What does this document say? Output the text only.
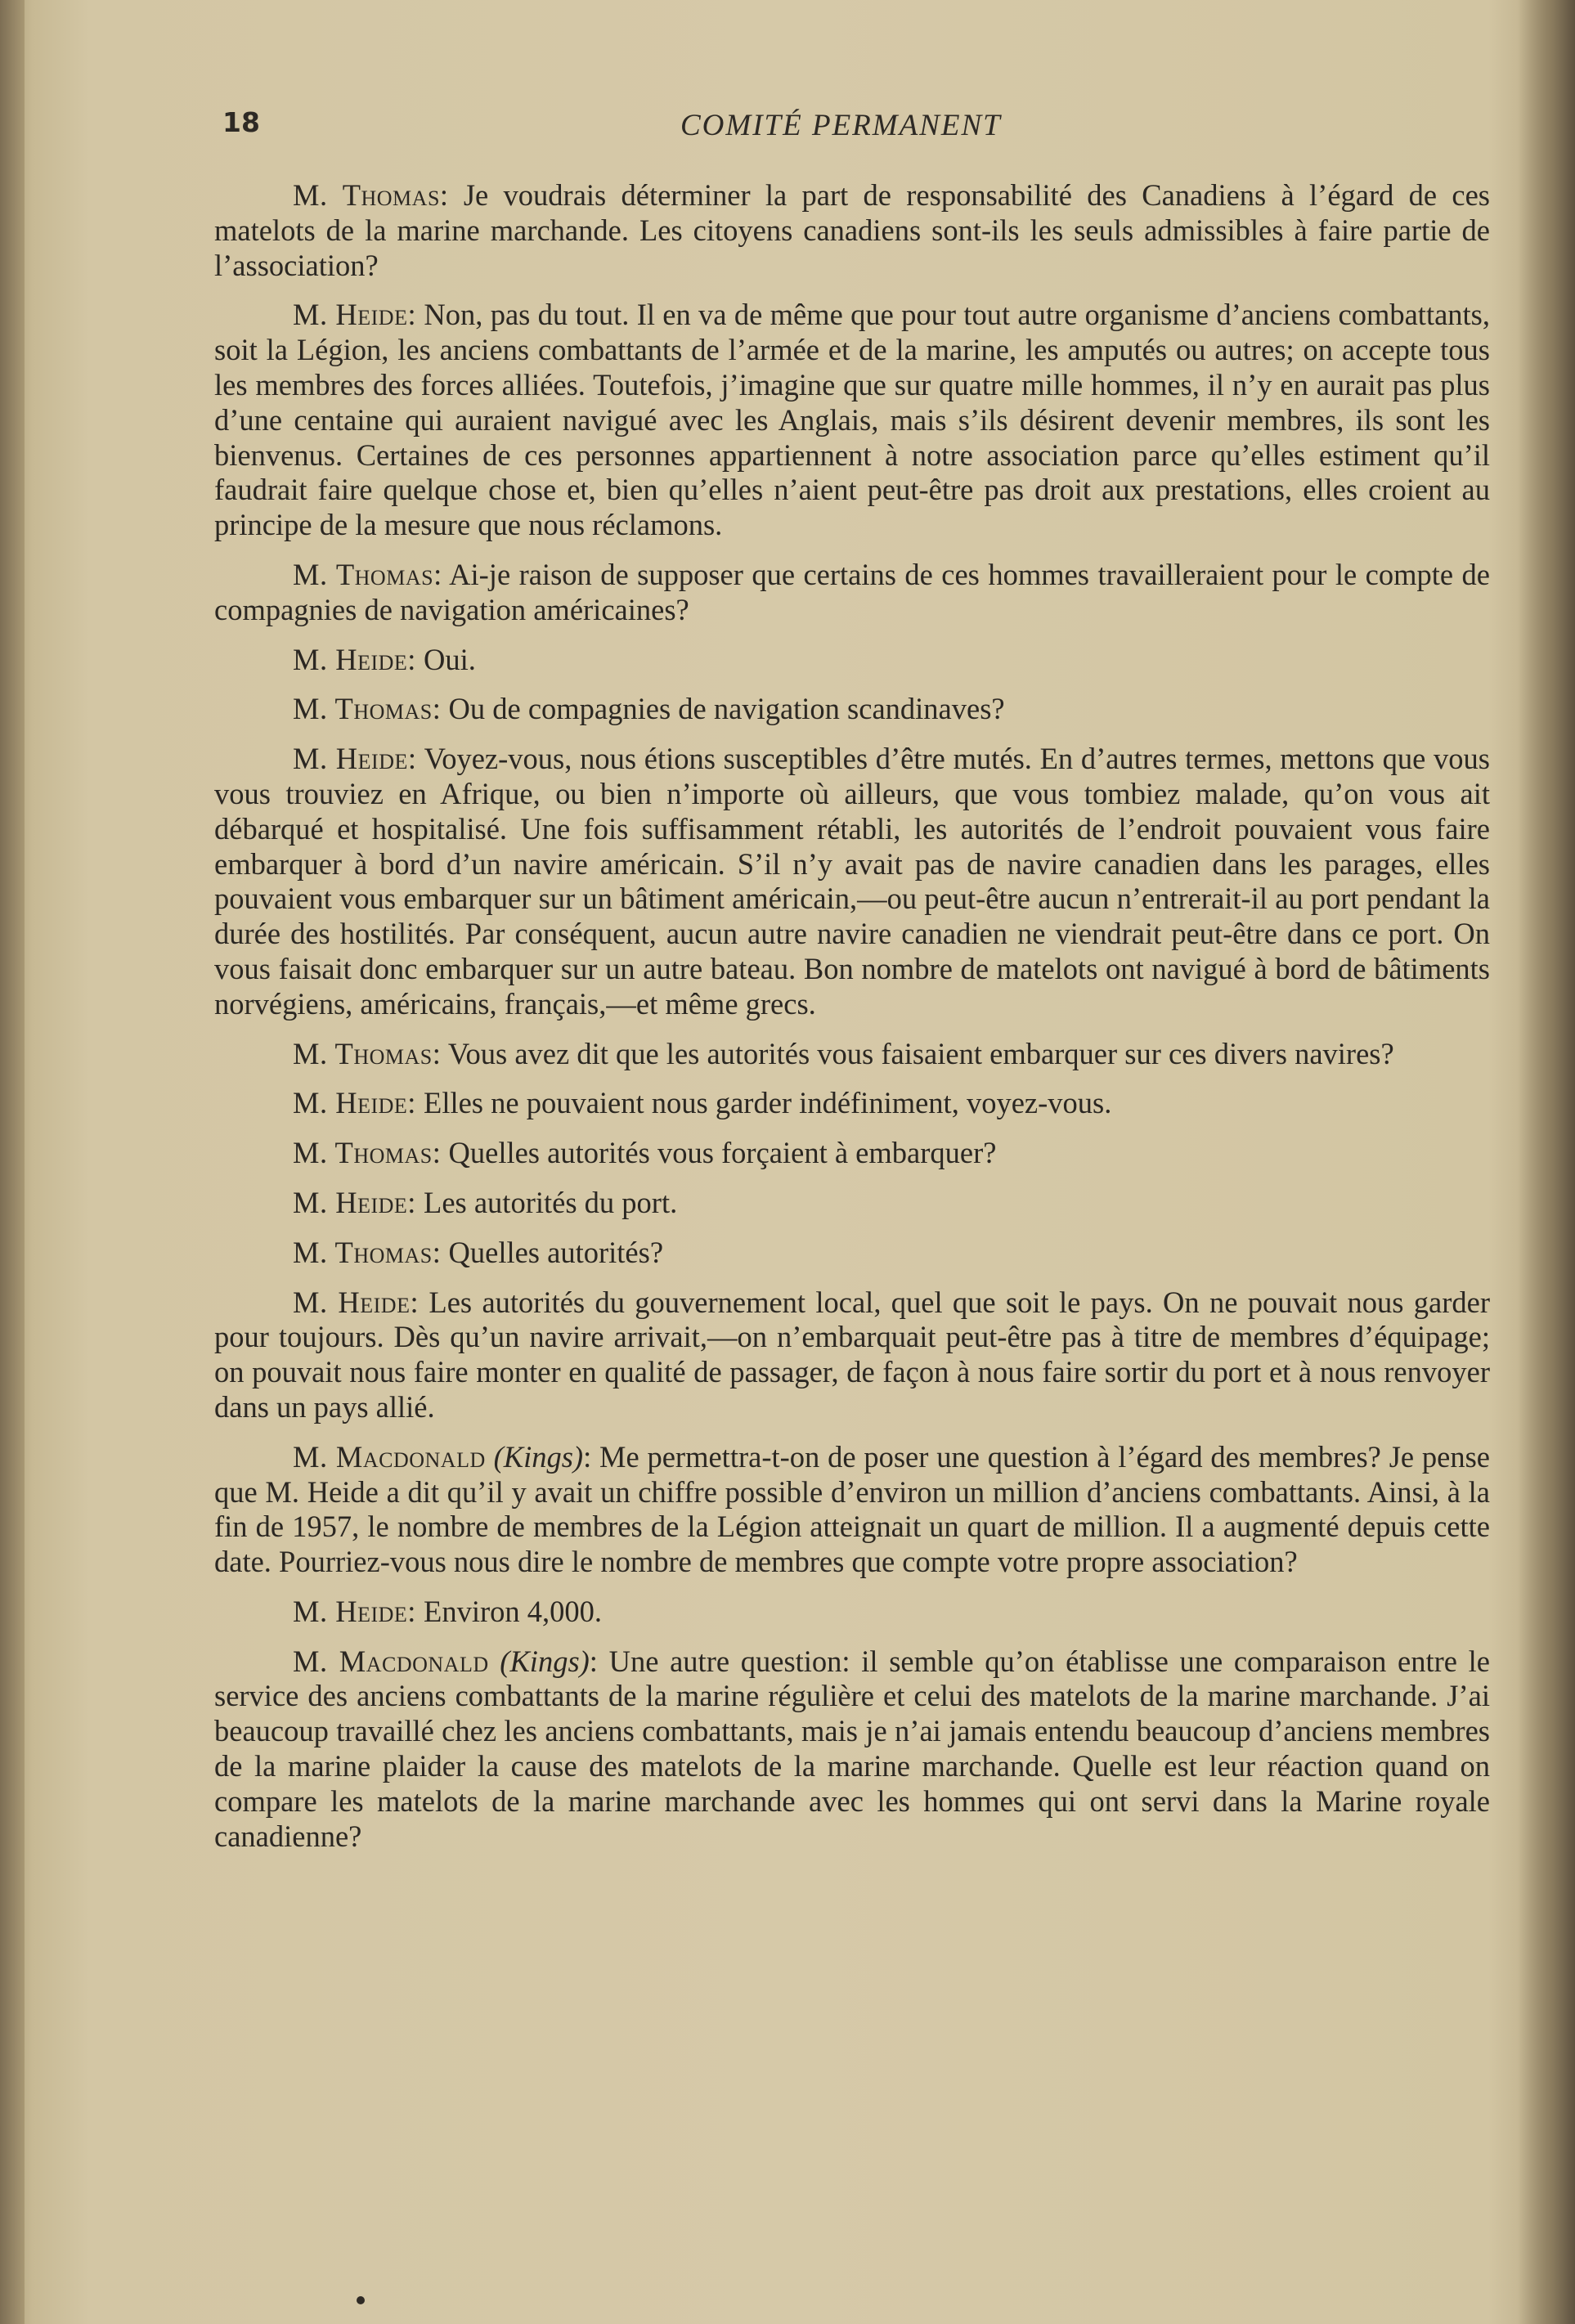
18	COMITÉ PERMANENT

M. Thomas: Je voudrais déterminer la part de responsabilité des Canadiens à l’égard de ces matelots de la marine marchande. Les citoyens canadiens sont-ils les seuls admissibles à faire partie de l’association?

M. Heide: Non, pas du tout. Il en va de même que pour tout autre organisme d’anciens combattants, soit la Légion, les anciens combattants de l’armée et de la marine, les amputés ou autres; on accepte tous les membres des forces alliées. Toutefois, j’imagine que sur quatre mille hommes, il n’y en aurait pas plus d’une centaine qui auraient navigué avec les Anglais, mais s’ils désirent devenir membres, ils sont les bienvenus. Certaines de ces personnes appartiennent à notre association parce qu’elles estiment qu’il faudrait faire quelque chose et, bien qu’elles n’aient peut-être pas droit aux prestations, elles croient au principe de la mesure que nous réclamons.

M. Thomas: Ai-je raison de supposer que certains de ces hommes travailleraient pour le compte de compagnies de navigation américaines?

M. Heide: Oui.

M. Thomas: Ou de compagnies de navigation scandinaves?

M. Heide: Voyez-vous, nous étions susceptibles d’être mutés. En d’autres termes, mettons que vous vous trouviez en Afrique, ou bien n’importe où ailleurs, que vous tombiez malade, qu’on vous ait débarqué et hospitalisé. Une fois suffisamment rétabli, les autorités de l’endroit pouvaient vous faire embarquer à bord d’un navire américain. S’il n’y avait pas de navire canadien dans les parages, elles pouvaient vous embarquer sur un bâtiment américain,—ou peut-être aucun n’entrerait-il au port pendant la durée des hostilités. Par conséquent, aucun autre navire canadien ne viendrait peut-être dans ce port. On vous faisait donc embarquer sur un autre bateau. Bon nombre de matelots ont navigué à bord de bâtiments norvégiens, américains, français,—et même grecs.

M. Thomas: Vous avez dit que les autorités vous faisaient embarquer sur ces divers navires?

M. Heide: Elles ne pouvaient nous garder indéfiniment, voyez-vous.

M. Thomas: Quelles autorités vous forçaient à embarquer?

M. Heide: Les autorités du port.

M. Thomas: Quelles autorités?

M. Heide: Les autorités du gouvernement local, quel que soit le pays. On ne pouvait nous garder pour toujours. Dès qu’un navire arrivait,—on n’embarquait peut-être pas à titre de membres d’équipage; on pouvait nous faire monter en qualité de passager, de façon à nous faire sortir du port et à nous renvoyer dans un pays allié.

M. Macdonald (Kings): Me permettra-t-on de poser une question à l’égard des membres? Je pense que M. Heide a dit qu’il y avait un chiffre possible d’environ un million d’anciens combattants. Ainsi, à la fin de 1957, le nombre de membres de la Légion atteignait un quart de million. Il a augmenté depuis cette date. Pourriez-vous nous dire le nombre de membres que compte votre propre association?

M. Heide: Environ 4,000.

M. Macdonald (Kings): Une autre question: il semble qu’on établisse une comparaison entre le service des anciens combattants de la marine régulière et celui des matelots de la marine marchande. J’ai beaucoup travaillé chez les anciens combattants, mais je n’ai jamais entendu beaucoup d’anciens membres de la marine plaider la cause des matelots de la marine marchande. Quelle est leur réaction quand on compare les matelots de la marine marchande avec les hommes qui ont servi dans la Marine royale canadienne?
